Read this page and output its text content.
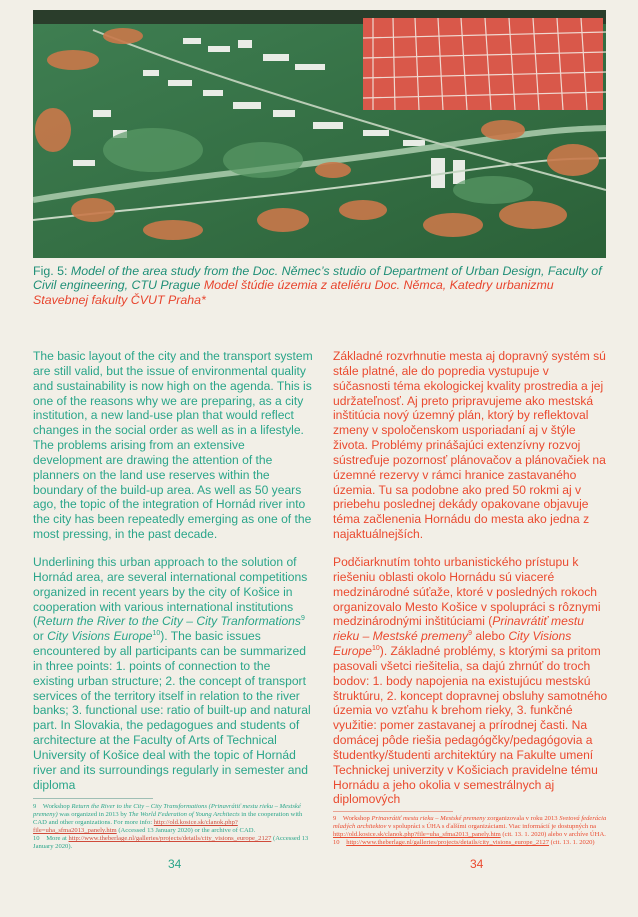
Fig. 5: Model of the area study from the Doc. Němec’s studio of Department of Urban Design, Faculty of Civil engineering, CTU Prague Model štúdie územia z ateliéru Doc. Němca, Katedry urbanizmu Stavebnej fakulty ČVUT Praha*

The basic layout of the city and the transport system are still valid, but the issue of environmental quality and sustainability is now high on the agenda. This is one of the reasons why we are preparing, as a city institution, a new land-use plan that would reflect changes in the social order as well as in a lifestyle. The problems arising from an extensive development are drawing the attention of the planners on the land use reserves within the boundary of the build-up area. As well as 50 years ago, the topic of the integration of Hornád river into the city has been repeatedly emerging as one of the most pressing, in the past decade.

Underlining this urban approach to the solution of Hornád area, are several international competitions organized in recent years by the city of Košice in cooperation with various international institutions (Return the River to the City – City Tranformations$^9$ or City Visions Europe$^{10}$). The basic issues encountered by all participants can be summarized in three points: 1. points of connection to the existing urban structure; 2. the concept of transport services of the territory itself in relation to the river banks; 3. functional use: ratio of built-up and natural part. In Slovakia, the pedagogues and students of architecture at the Faculty of Arts of Technical University of Košice deal with the topic of Hornád river and its surroundings regularly in semester and diploma

Základné rozvrhnutie mesta aj dopravný systém sú stále platné, ale do popredia vystupuje v súčasnosti téma ekologickej kvality prostredia a jej udržateľnosť. Aj preto pripravujeme ako mestská inštitúcia nový územný plán, ktorý by reflektoval zmeny v spoločenskom usporiadaní aj v štýle života. Problémy prinášajúci extenzívny rozvoj sústreďuje pozornosť plánovačov a plánovačiek na územné rezervy v rámci hranice zastavaného územia. Tu sa podobne ako pred 50 rokmi aj v priebehu poslednej dekády opakovane objavuje téma začlenenia Hornádu do mesta ako jedna z najaktuálnejších.

Podčiarknutím tohto urbanistického prístupu k riešeniu oblasti okolo Hornádu sú viaceré medzinárodné súťaže, ktoré v posledných rokoch organizovalo Mesto Košice v spolupráci s rôznymi medzinárodnými inštitúciami (Prinavrátiť mestu rieku – Mestské premeny$^9$ alebo City Visions Europe$^{10}$). Základné problémy, s ktorými sa pritom pasovali všetci riešitelia, sa dajú zhrnúť do troch bodov: 1. body napojenia na existujúcu mestskú štruktúru, 2. koncept dopravnej obsluhy samotného územia vo vzťahu k brehom rieky, 3. funkčné využitie: pomer zastavanej a prírodnej časti. Na domácej pôde riešia pedagógčky/pedagógovia a študentky/študenti architektúry na Fakulte umení Technickej univerzity v Košiciach pravidelne tému Hornádu a jeho okolia v semestrálnych aj diplomových

9 Workshop Return the River to the City – City Transformations (Prinavrátiť mestu rieku – Mestské premeny) was organized in 2013 by The World Federation of Young Architects in the cooperation with CAD and other organizations. For more info: http://old.kosice.sk/clanok.php?file=uha_sfma2013_panely.htm (Accessed 13 January 2020) or the archive of CAD.

10 More at http://www.theberlage.nl/galleries/projects/details/city_visions_europe_2127 (Accessed 13 January 2020).

9 Workshop Prinavrátiť mestu rieku – Mestské premeny zorganizovala v roku 2013 Svetová federácia mladých architektov v spolupráci s ÚHA s ďalšími organizáciami. Viac informácií je dostupných na http://old.kosice.sk/clanok.php?file=uha_sfma2013_panely.htm (cit. 13. 1. 2020) alebo v archíve ÚHA.

10 http://www.theberlage.nl/galleries/projects/details/city_visions_europe_2127 (cit. 13. 1. 2020)

34	34
